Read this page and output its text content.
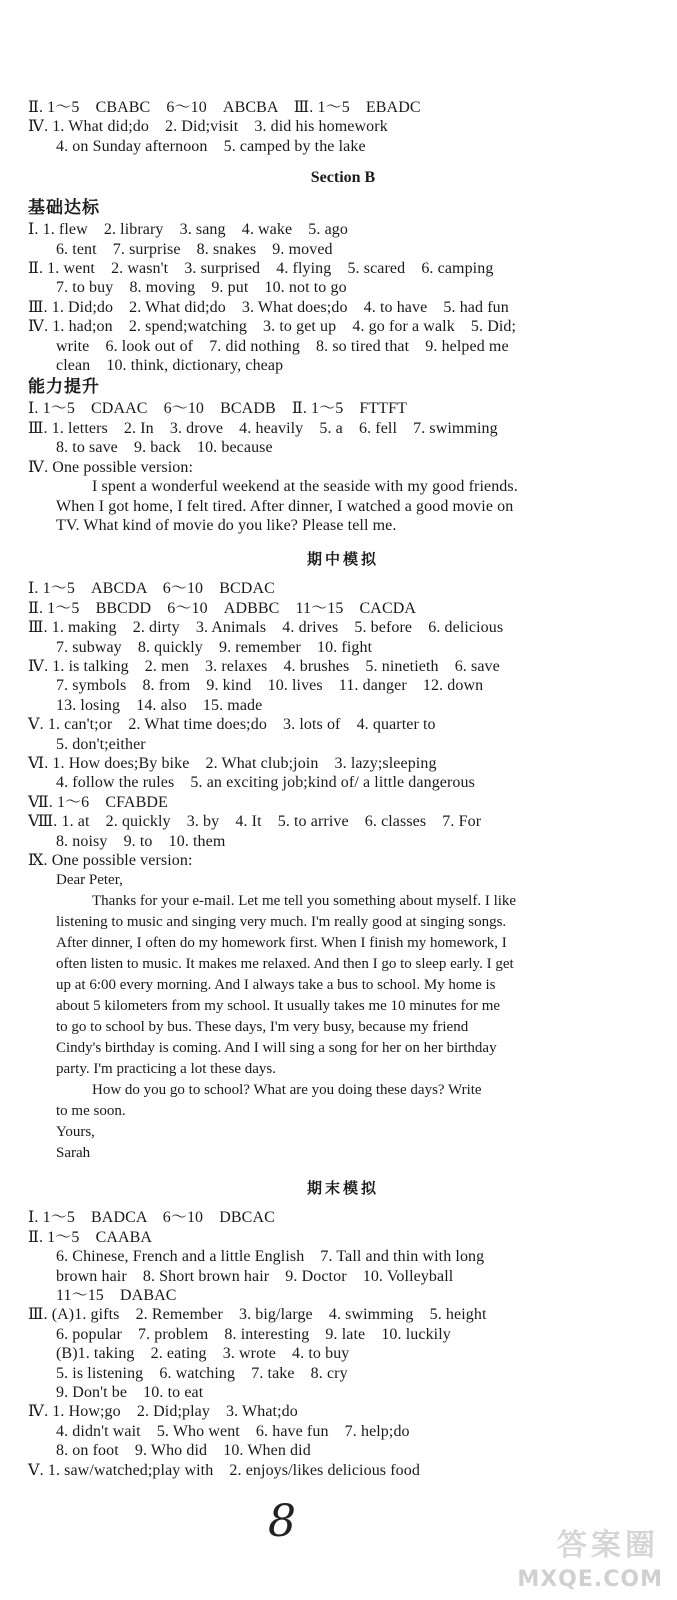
Ⅱ. 1～5　CBABC　6～10　ABCBA　Ⅲ. 1～5　EBADC
Ⅳ. 1. What did;do　2. Did;visit　3. did his homework
4. on Sunday afternoon　5. camped by the lake
Section B
基础达标
Ⅰ. 1. flew　2. library　3. sang　4. wake　5. ago
6. tent　7. surprise　8. snakes　9. moved
Ⅱ. 1. went　2. wasn't　3. surprised　4. flying　5. scared　6. camping
7. to buy　8. moving　9. put　10. not to go
Ⅲ. 1. Did;do　2. What did;do　3. What does;do　4. to have　5. had fun
Ⅳ. 1. had;on　2. spend;watching　3. to get up　4. go for a walk　5. Did;
write　6. look out of　7. did nothing　8. so tired that　9. helped me
clean　10. think, dictionary, cheap
能力提升
Ⅰ. 1～5　CDAAC　6～10　BCADB　Ⅱ. 1～5　FTTFT
Ⅲ. 1. letters　2. In　3. drove　4. heavily　5. a　6. fell　7. swimming
8. to save　9. back　10. because
Ⅳ. One possible version:
I spent a wonderful weekend at the seaside with my good friends.
When I got home, I felt tired. After dinner, I watched a good movie on
TV. What kind of movie do you like? Please tell me.
期中模拟
Ⅰ. 1～5　ABCDA　6～10　BCDAC
Ⅱ. 1～5　BBCDD　6～10　ADBBC　11～15　CACDA
Ⅲ. 1. making　2. dirty　3. Animals　4. drives　5. before　6. delicious
7. subway　8. quickly　9. remember　10. fight
Ⅳ. 1. is talking　2. men　3. relaxes　4. brushes　5. ninetieth　6. save
7. symbols　8. from　9. kind　10. lives　11. danger　12. down
13. losing　14. also　15. made
Ⅴ. 1. can't;or　2. What time does;do　3. lots of　4. quarter to
5. don't;either
Ⅵ. 1. How does;By bike　2. What club;join　3. lazy;sleeping
4. follow the rules　5. an exciting job;kind of/ a little dangerous
Ⅶ. 1～6　CFABDE
Ⅷ. 1. at　2. quickly　3. by　4. It　5. to arrive　6. classes　7. For
8. noisy　9. to　10. them
Ⅸ. One possible version:
Dear Peter,
Thanks for your e-mail. Let me tell you something about myself. I like
listening to music and singing very much. I'm really good at singing songs.
After dinner, I often do my homework first. When I finish my homework, I
often listen to music. It makes me relaxed. And then I go to sleep early. I get
up at 6:00 every morning. And I always take a bus to school. My home is
about 5 kilometers from my school. It usually takes me 10 minutes for me
to go to school by bus. These days, I'm very busy, because my friend
Cindy's birthday is coming. And I will sing a song for her on her birthday
party. I'm practicing a lot these days.
How do you go to school? What are you doing these days? Write
to me soon.
Yours,
Sarah
期末模拟
Ⅰ. 1～5　BADCA　6～10　DBCAC
Ⅱ. 1～5　CAABA
6. Chinese, French and a little English　7. Tall and thin with long
brown hair　8. Short brown hair　9. Doctor　10. Volleyball
11～15　DABAC
Ⅲ. (A)1. gifts　2. Remember　3. big/large　4. swimming　5. height
6. popular　7. problem　8. interesting　9. late　10. luckily
(B)1. taking　2. eating　3. wrote　4. to buy
5. is listening　6. watching　7. take　8. cry
9. Don't be　10. to eat
Ⅳ. 1. How;go　2. Did;play　3. What;do
4. didn't wait　5. Who went　6. have fun　7. help;do
8. on foot　9. Who did　10. When did
Ⅴ. 1. saw/watched;play with　2. enjoys/likes delicious food
8	答案圈
MXQE.COM
